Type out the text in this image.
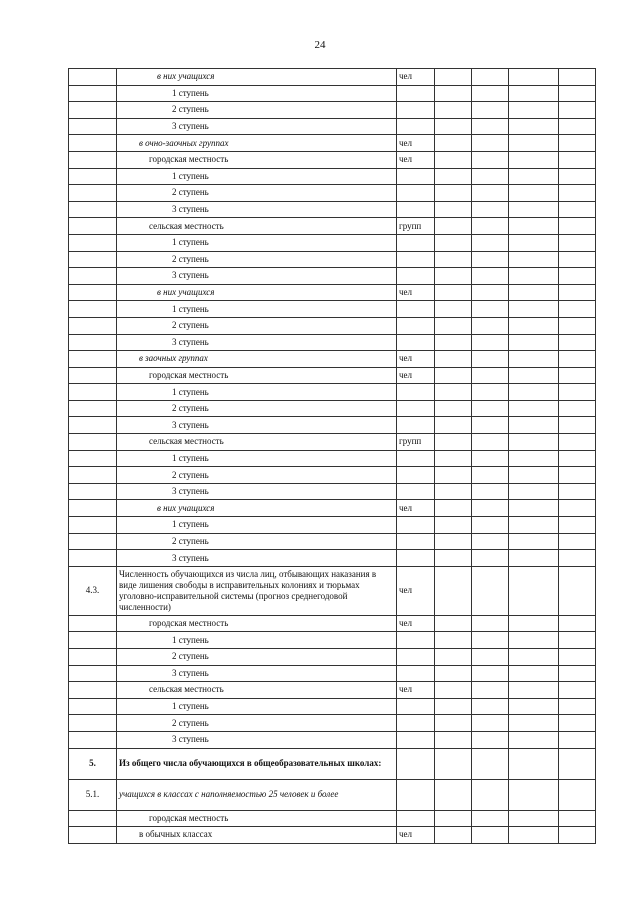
24
	в них учащихся	чел				
	1 ступень					
	2 ступень					
	3 ступень					
	в очно-заочных группах	чел				
	городская местность	чел				
	1 ступень					
	2 ступень					
	3 ступень					
	сельская местность	групп				
	1 ступень					
	2 ступень					
	3 ступень					
	в них учащихся	чел				
	1 ступень					
	2 ступень					
	3 ступень					
	в заочных группах	чел				
	городская местность	чел				
	1 ступень					
	2 ступень					
	3 ступень					
	сельская местность	групп				
	1 ступень					
	2 ступень					
	3 ступень					
	в них учащихся	чел				
	1 ступень					
	2 ступень					
	3 ступень					
4.3.	Численность обучающихся из числа лиц, отбывающих наказания в виде лишения свободы в исправительных колониях и тюрьмах уголовно-исправительной системы (прогноз среднегодовой численности)	чел				
	городская местность	чел				
	1 ступень					
	2 ступень					
	3 ступень					
	сельская местность	чел				
	1 ступень					
	2 ступень					
	3 ступень					
5.	Из общего числа обучающихся в общеобразовательных школах:					
5.1.	учащихся в классах с наполняемостью 25 человек и более					
	городская местность					
	в обычных классах	чел				
